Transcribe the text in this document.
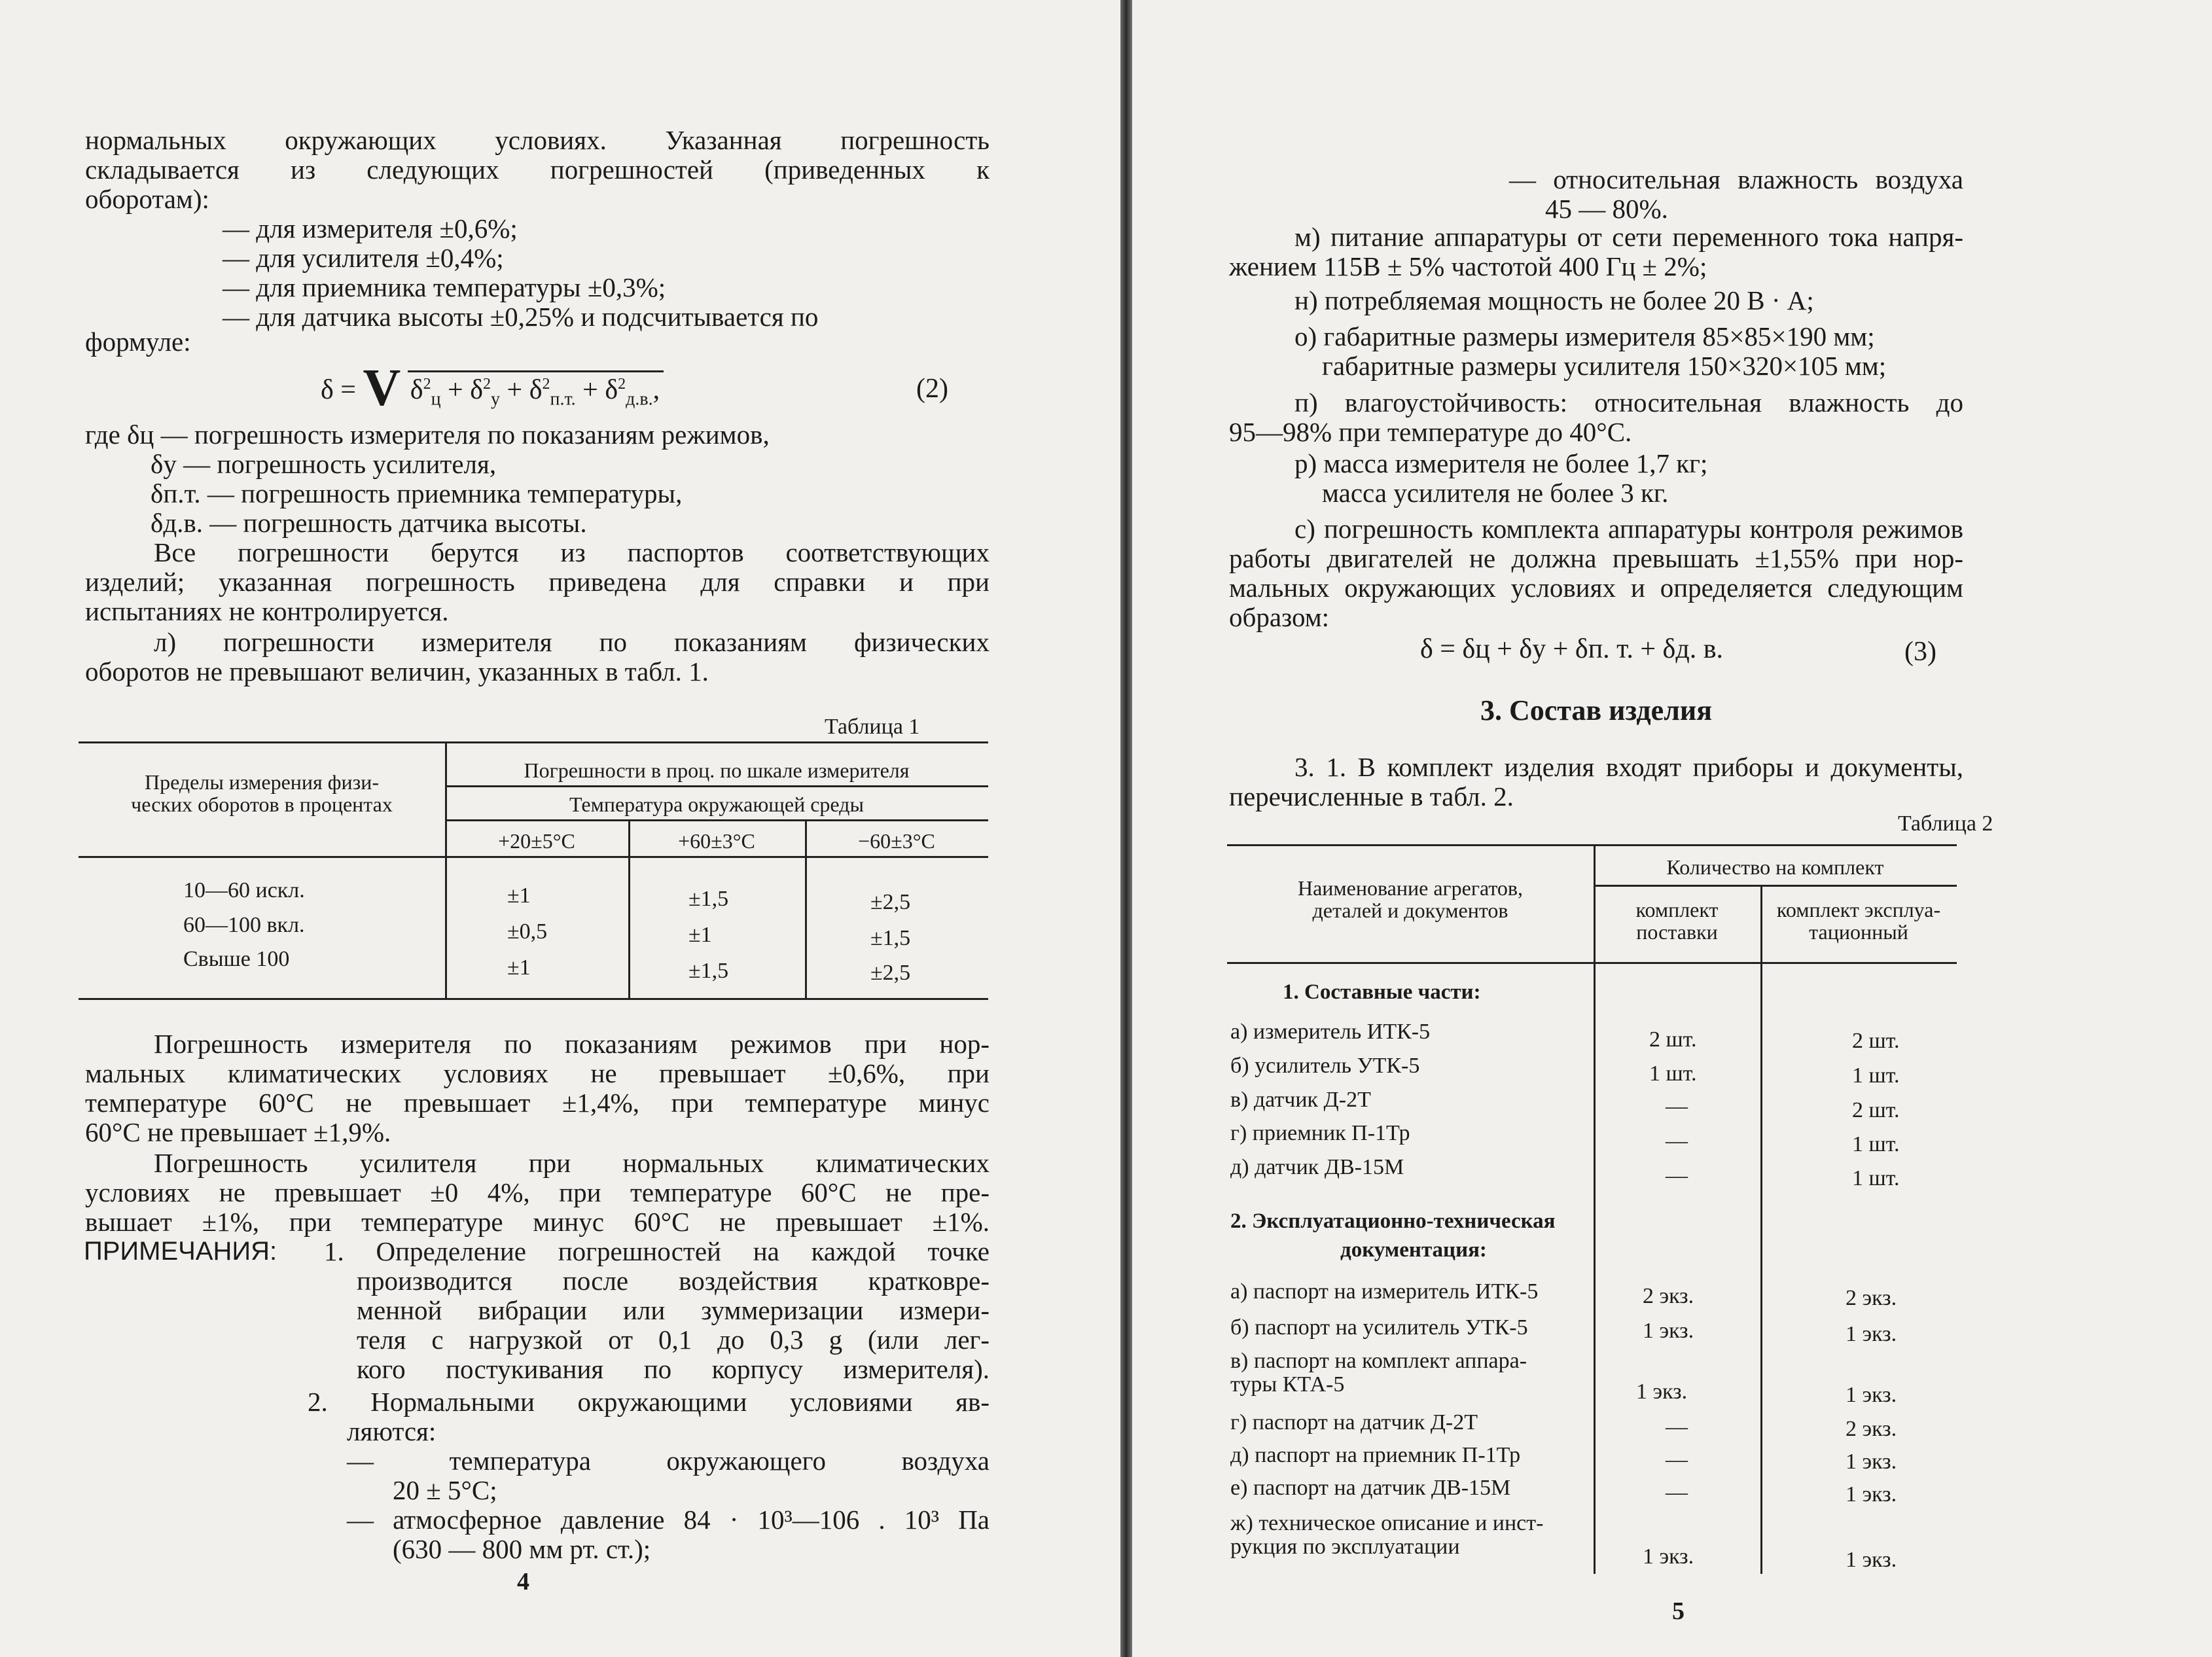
нормальных окружающих условиях. Указанная погрешность
складывается из следующих погрешностей (приведенных к
оборотам):
— для измерителя ±0,6%;
— для усилителя ±0,4%;
— для приемника температуры ±0,3%;
— для датчика высоты ±0,25% и подсчитывается по
формуле:
δ = V $\delta^2_ц + \delta^2_у + \delta^2_{п.т.} + \delta^2_{д.в.}$,	(2)
где δц — погрешность измерителя по показаниям режимов,
δу — погрешность усилителя,
δп.т. — погрешность приемника температуры,
δд.в. — погрешность датчика высоты.
Все погрешности берутся из паспортов соответствующих
изделий; указанная погрешность приведена для справки и при
испытаниях не контролируется.
л) погрешности измерителя по показаниям физических
оборотов не превышают величин, указанных в табл. 1.
Таблица 1
Пределы измерения физи-
ческих оборотов в процентах
Погрешности в проц. по шкале измерителя
Температура окружающей среды
+20±5°C	+60±3°C	−60±3°C
10—60 искл.	±1	±1,5	±2,5
60—100 вкл.	±0,5	±1	±1,5
Свыше 100	±1	±1,5	±2,5
Погрешность измерителя по показаниям режимов при нор-
мальных климатических условиях не превышает ±0,6%, при
температуре 60°C не превышает ±1,4%, при температуре минус
60°C не превышает ±1,9%.
Погрешность усилителя при нормальных климатических
условиях не превышает ±0 4%, при температуре 60°C не пре-
вышает ±1%, при температуре минус 60°C не превышает ±1%.
ПРИМЕЧАНИЯ: 1. Определение погрешностей на каждой точке
производится после воздействия кратковре-
менной вибрации или зуммеризации измери-
теля с нагрузкой от 0,1 до 0,3 g (или лег-
кого постукивания по корпусу измерителя).
2. Нормальными окружающими условиями яв-
ляются:
— температура окружающего воздуха
20 ± 5°C;
— атмосферное давление 84 · 10³—106 . 10³ Па
(630 — 800 мм рт. ст.);
4
— относительная влажность воздуха
45 — 80%.
м) питание аппаратуры от сети переменного тока напря-
жением 115В ± 5% частотой 400 Гц ± 2%;
н) потребляемая мощность не более 20 В · А;
о) габаритные размеры измерителя 85×85×190 мм;
габаритные размеры усилителя 150×320×105 мм;
п) влагоустойчивость: относительная влажность до
95—98% при температуре до 40°C.
р) масса измерителя не более 1,7 кг;
масса усилителя не более 3 кг.
с) погрешность комплекта аппаратуры контроля режимов
работы двигателей не должна превышать ±1,55% при нор-
мальных окружающих условиях и определяется следующим
образом:
δ = δц + δу + δп. т. + δд. в.	(3)
3. Состав изделия
3. 1. В комплект изделия входят приборы и документы,
перечисленные в табл. 2.
Таблица 2
Наименование агрегатов,
деталей и документов
Количество на комплект
комплект
поставки
комплект эксплуа-
тационный
1. Составные части:
а) измеритель ИТК-5	2 шт.	2 шт.
б) усилитель УТК-5	1 шт.	1 шт.
в) датчик Д-2Т	—	2 шт.
г) приемник П-1Тр	—	1 шт.
д) датчик ДВ-15М	—	1 шт.
2. Эксплуатационно-техническая
документация:
а) паспорт на измеритель ИТК-5	2 экз.	2 экз.
б) паспорт на усилитель УТК-5	1 экз.	1 экз.
в) паспорт на комплект аппара-
туры КТА-5	1 экз.	1 экз.
г) паспорт на датчик Д-2Т	—	2 экз.
д) паспорт на приемник П-1Тр	—	1 экз.
е) паспорт на датчик ДВ-15М	—	1 экз.
ж) техническое описание и инст-
рукция по эксплуатации	1 экз.	1 экз.
5
